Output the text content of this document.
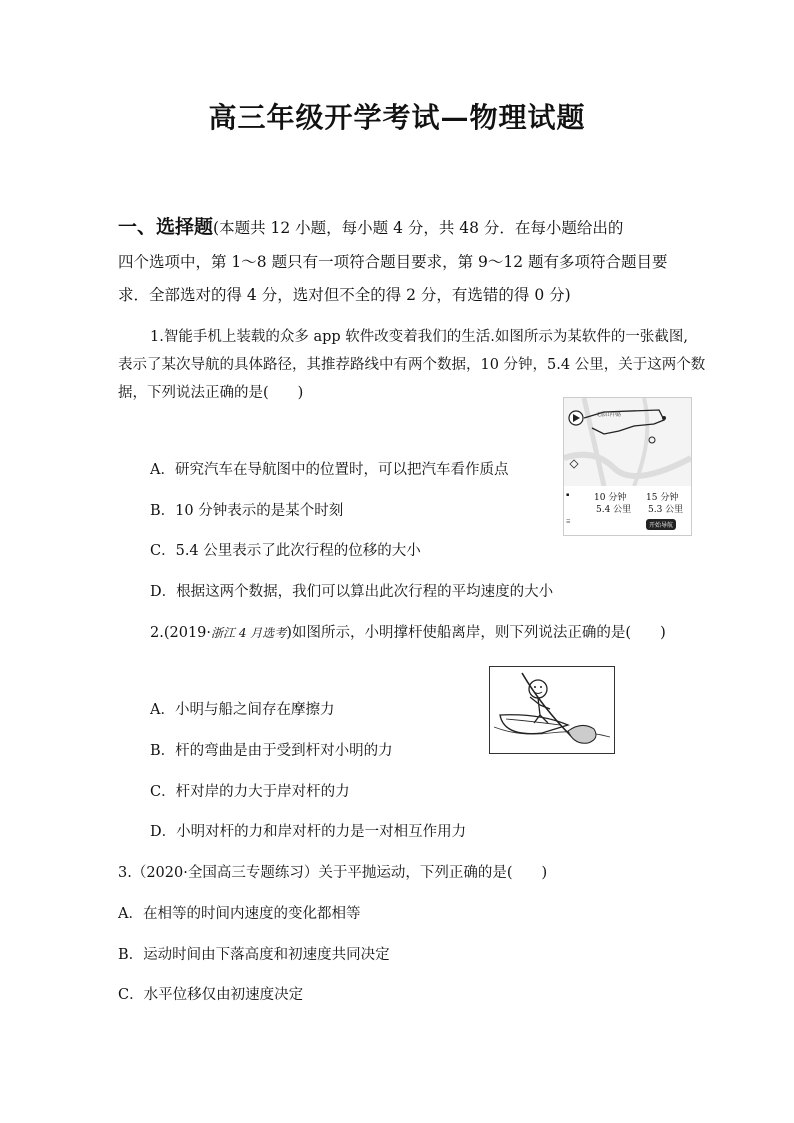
高三年级开学考试—物理试题
一、选择题(本题共 12 小题，每小题 4 分，共 48 分．在每小题给出的
四个选项中，第 1～8 题只有一项符合题目要求，第 9～12 题有多项符合题目要
求．全部选对的得 4 分，选对但不全的得 2 分，有选错的得 0 分)
1.智能手机上装载的众多 app 软件改变着我们的生活.如图所示为某软件的一张截图,
表示了某次导航的具体路径，其推荐路线中有两个数据，10 分钟，5.4 公里，关于这两个数
据，下列说法正确的是(　　)
无影山中路
▪	10 分钟
5.4 公里
15 分钟
5.3 公里
☰	开始导航
A．研究汽车在导航图中的位置时，可以把汽车看作质点
B．10 分钟表示的是某个时刻
C．5.4 公里表示了此次行程的位移的大小
D．根据这两个数据，我们可以算出此次行程的平均速度的大小
2.(2019·浙江 4 月选考)如图所示，小明撑杆使船离岸，则下列说法正确的是(　　)
A．小明与船之间存在摩擦力
B．杆的弯曲是由于受到杆对小明的力
C．杆对岸的力大于岸对杆的力
D．小明对杆的力和岸对杆的力是一对相互作用力
3.（2020·全国高三专题练习）关于平抛运动，下列正确的是(　　)
A．在相等的时间内速度的变化都相等
B．运动时间由下落高度和初速度共同决定
C．水平位移仅由初速度决定
